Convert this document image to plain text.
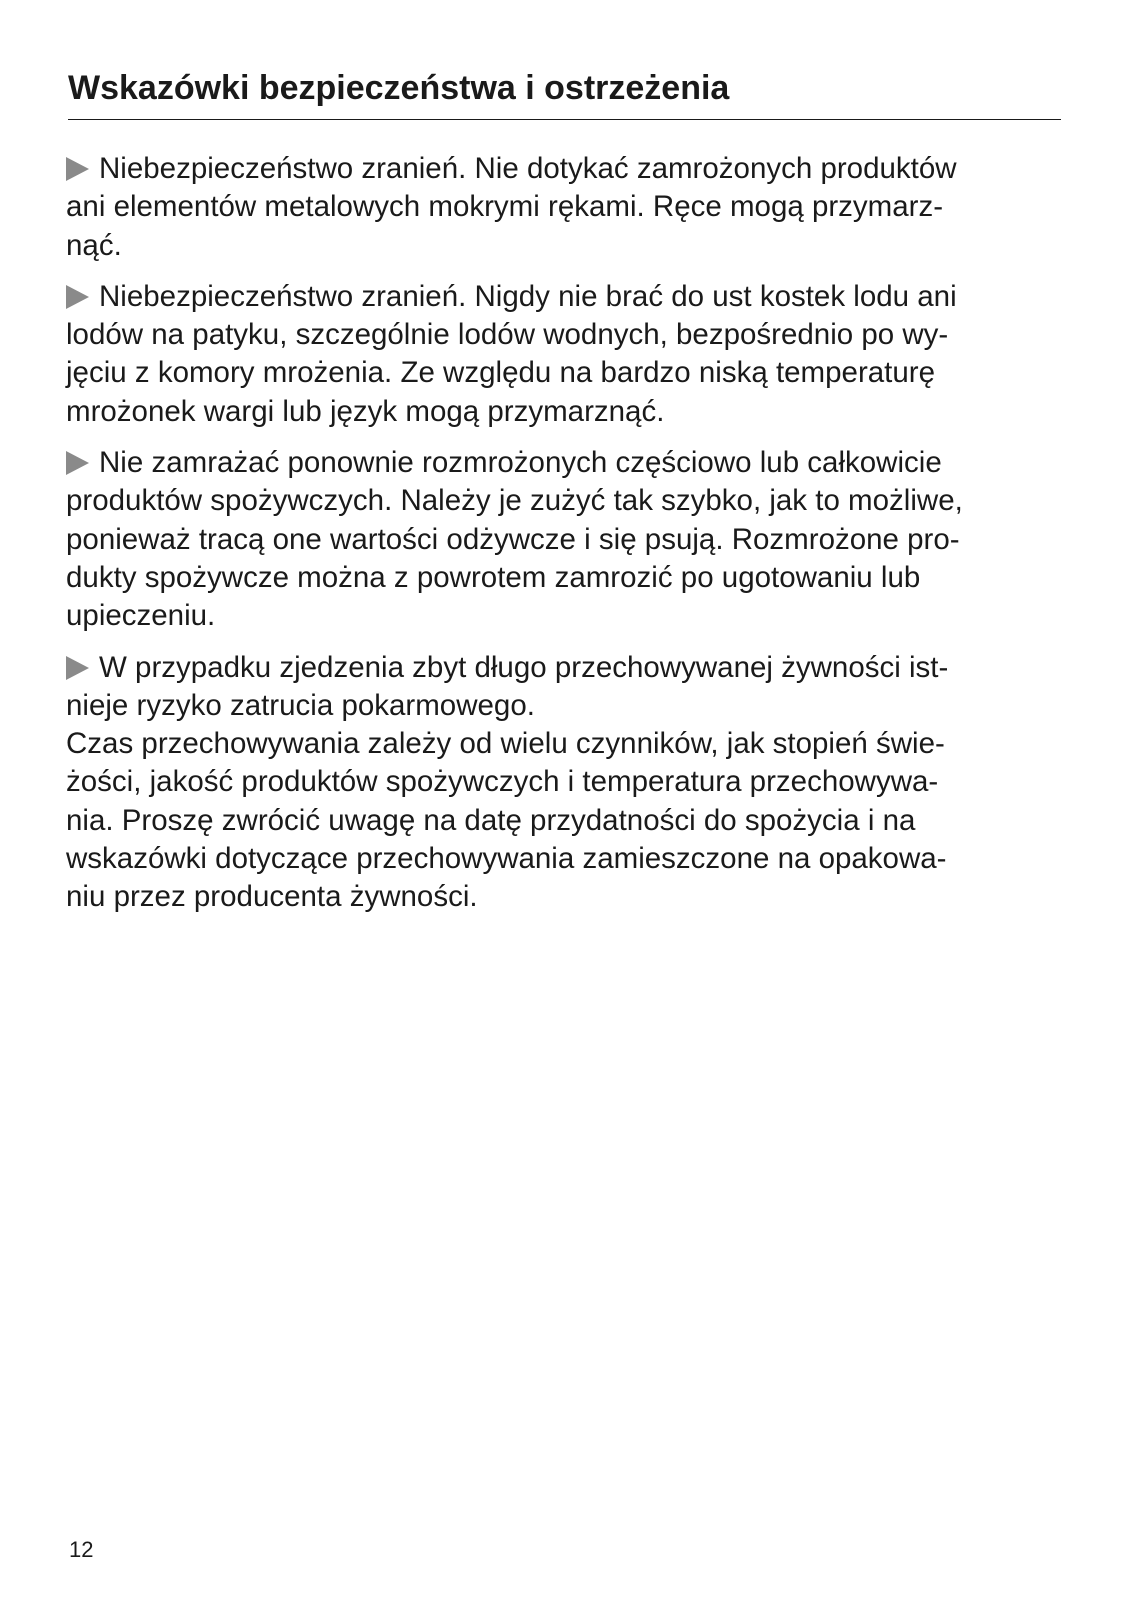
Wskazówki bezpieczeństwa i ostrzeżenia

Niebezpieczeństwo zranień. Nie dotykać zamrożonych produktów
ani elementów metalowych mokrymi rękami. Ręce mogą przymarz-
nąć.

Niebezpieczeństwo zranień. Nigdy nie brać do ust kostek lodu ani
lodów na patyku, szczególnie lodów wodnych, bezpośrednio po wy-
jęciu z komory mrożenia. Ze względu na bardzo niską temperaturę
mrożonek wargi lub język mogą przymarznąć.

Nie zamrażać ponownie rozmrożonych częściowo lub całkowicie
produktów spożywczych. Należy je zużyć tak szybko, jak to możliwe,
ponieważ tracą one wartości odżywcze i się psują. Rozmrożone pro-
dukty spożywcze można z powrotem zamrozić po ugotowaniu lub
upieczeniu.

W przypadku zjedzenia zbyt długo przechowywanej żywności ist-
nieje ryzyko zatrucia pokarmowego.
Czas przechowywania zależy od wielu czynników, jak stopień świe-
żości, jakość produktów spożywczych i temperatura przechowywa-
nia. Proszę zwrócić uwagę na datę przydatności do spożycia i na
wskazówki dotyczące przechowywania zamieszczone na opakowa-
niu przez producenta żywności.

12
